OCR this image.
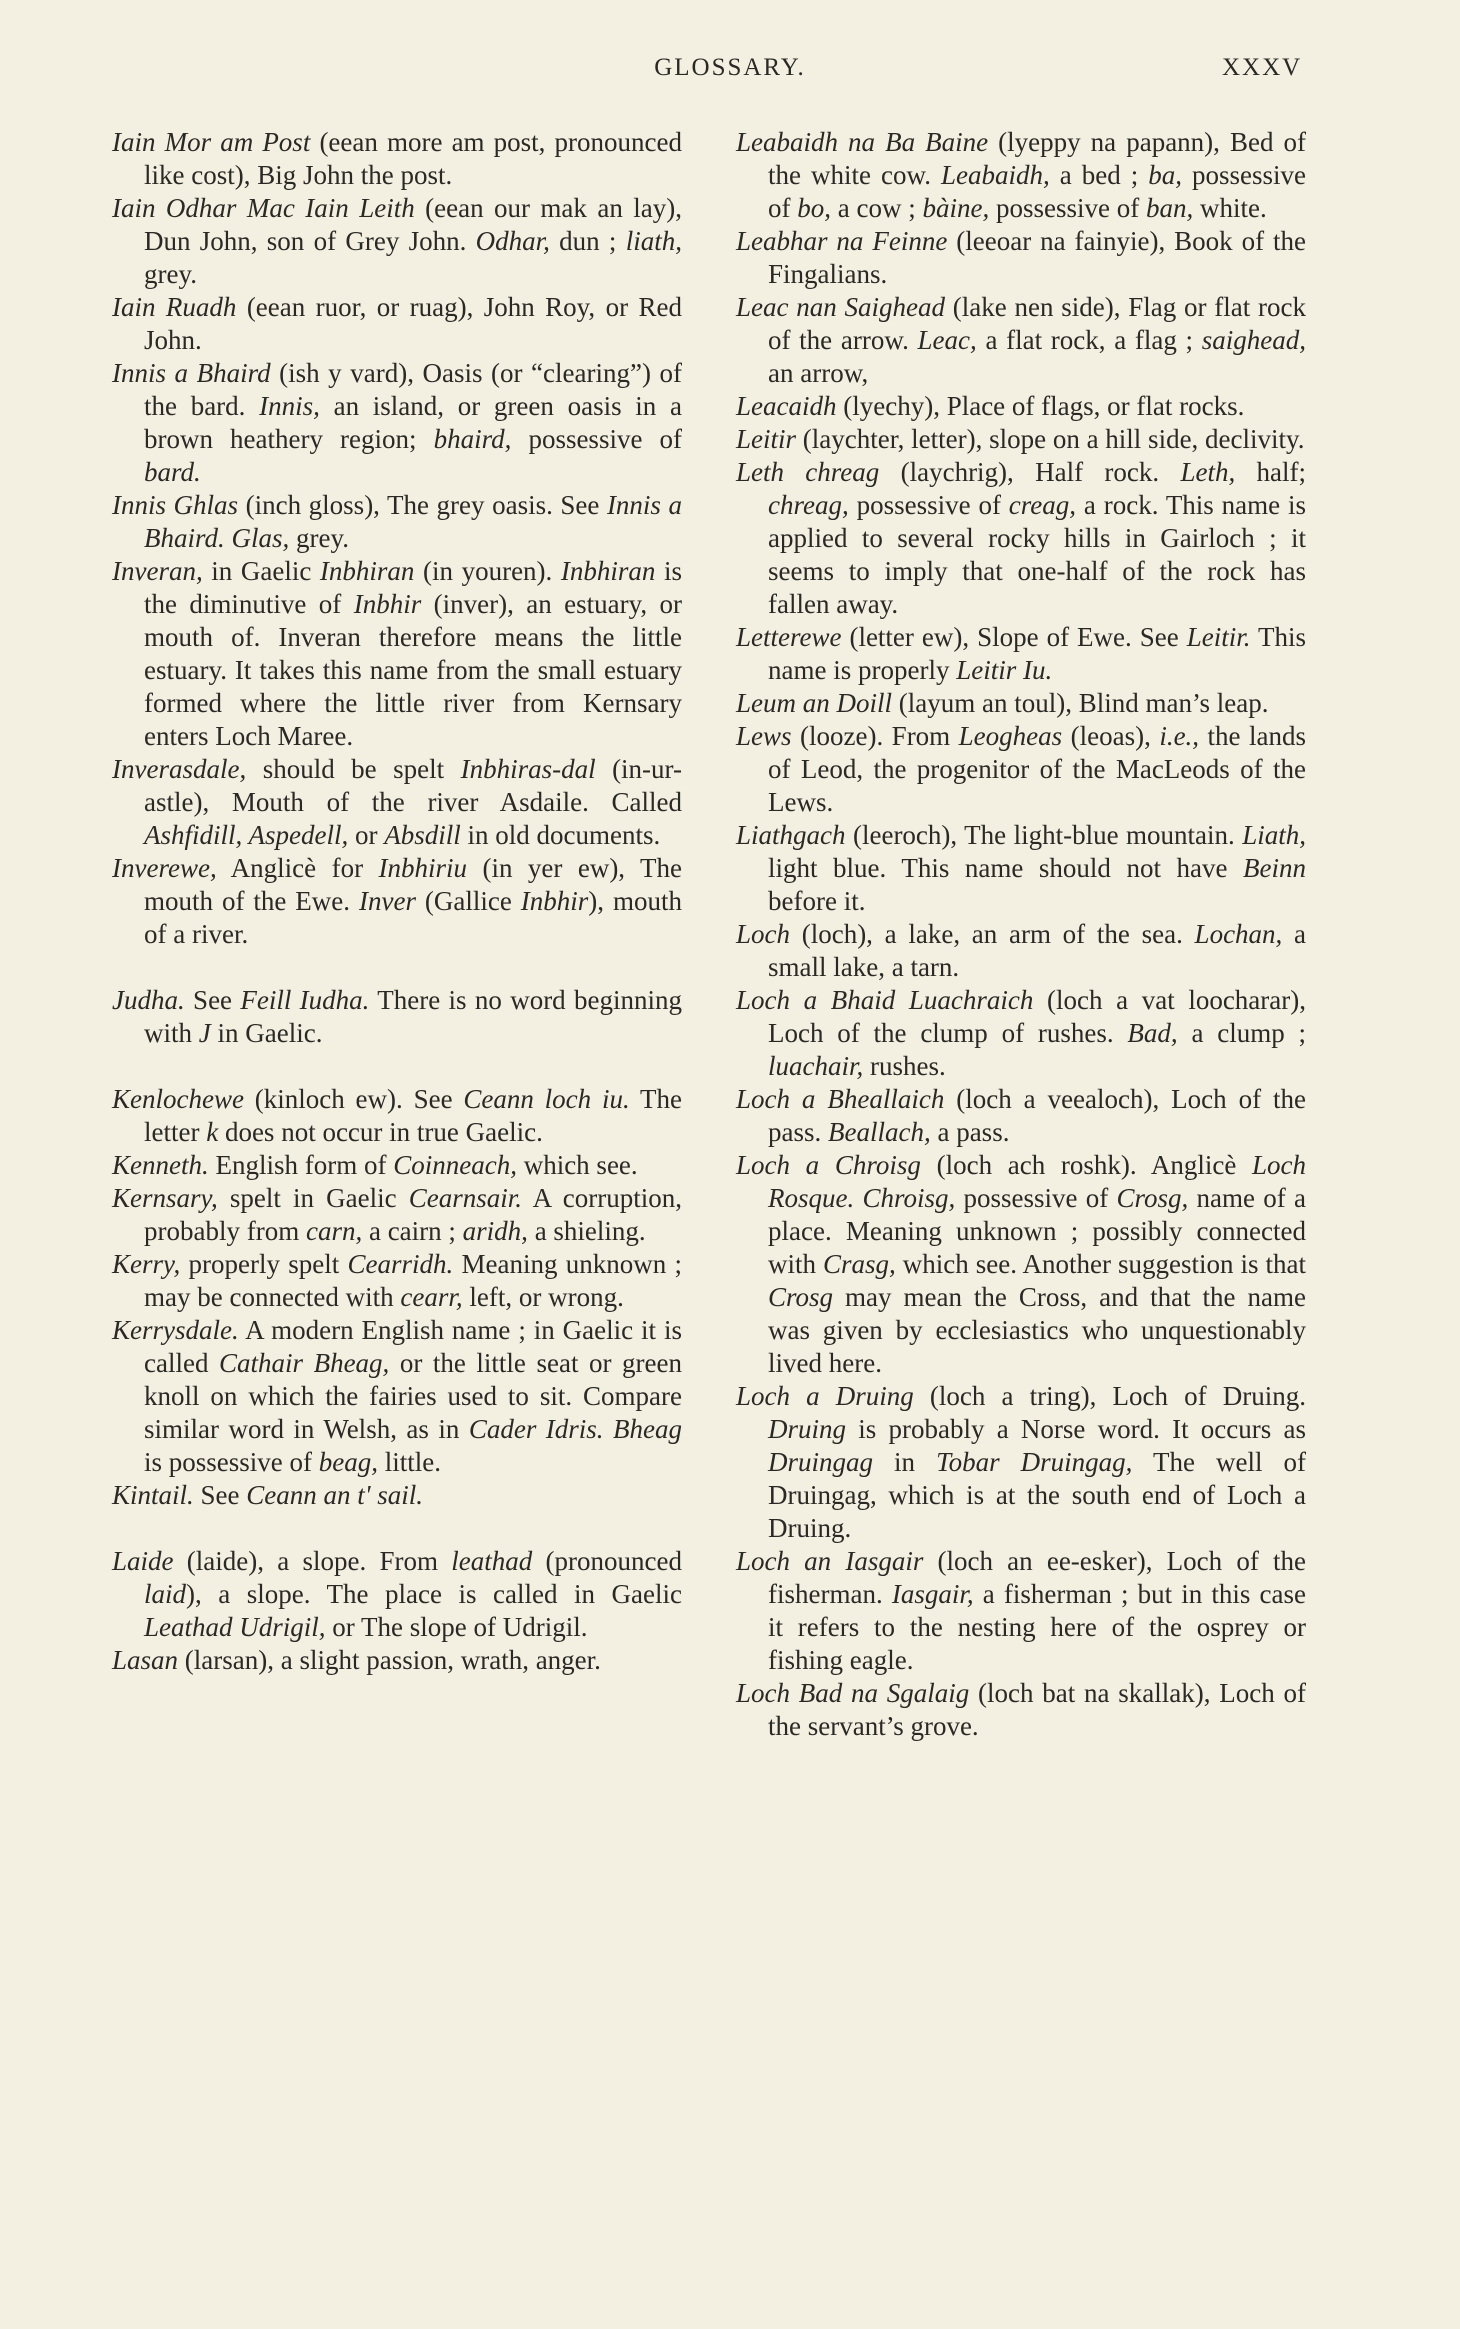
GLOSSARY.	XXXV
Iain Mor am Post (eean more am post, pronounced like cost), Big John the post.
Iain Odhar Mac Iain Leith (eean our mak an lay), Dun John, son of Grey John. Odhar, dun ; liath, grey.
Iain Ruadh (eean ruor, or ruag), John Roy, or Red John.
Innis a Bhaird (ish y vard), Oasis (or “clearing”) of the bard. Innis, an island, or green oasis in a brown heathery region; bhaird, possessive of bard.
Innis Ghlas (inch gloss), The grey oasis. See Innis a Bhaird. Glas, grey.
Inveran, in Gaelic Inbhiran (in youren). Inbhiran is the diminutive of Inbhir (inver), an estuary, or mouth of. Inveran therefore means the little estuary. It takes this name from the small estuary formed where the little river from Kernsary enters Loch Maree.
Inverasdale, should be spelt Inbhiras-dal (in-ur-astle), Mouth of the river Asdaile. Called Ashfidill, Aspedell, or Absdill in old documents.
Inverewe, Anglicè for Inbhiriu (in yer ew), The mouth of the Ewe. Inver (Gallice Inbhir), mouth of a river.
Judha. See Feill Iudha. There is no word beginning with J in Gaelic.
Kenlochewe (kinloch ew). See Ceann loch iu. The letter k does not occur in true Gaelic.
Kenneth. English form of Coinneach, which see.
Kernsary, spelt in Gaelic Cearnsair. A corruption, probably from carn, a cairn ; aridh, a shieling.
Kerry, properly spelt Cearridh. Meaning unknown ; may be connected with cearr, left, or wrong.
Kerrysdale. A modern English name ; in Gaelic it is called Cathair Bheag, or the little seat or green knoll on which the fairies used to sit. Compare similar word in Welsh, as in Cader Idris. Bheag is possessive of beag, little.
Kintail. See Ceann an t' sail.
Laide (laide), a slope. From leathad (pronounced laid), a slope. The place is called in Gaelic Leathad Udrigil, or The slope of Udrigil.
Lasan (larsan), a slight passion, wrath, anger.
Leabaidh na Ba Baine (lyeppy na papann), Bed of the white cow. Leabaidh, a bed ; ba, possessive of bo, a cow ; bàine, possessive of ban, white.
Leabhar na Feinne (leeoar na fainyie), Book of the Fingalians.
Leac nan Saighead (lake nen side), Flag or flat rock of the arrow. Leac, a flat rock, a flag ; saighead, an arrow,
Leacaidh (lyechy), Place of flags, or flat rocks.
Leitir (laychter, letter), slope on a hill side, declivity.
Leth chreag (laychrig), Half rock. Leth, half; chreag, possessive of creag, a rock. This name is applied to several rocky hills in Gairloch ; it seems to imply that one-half of the rock has fallen away.
Letterewe (letter ew), Slope of Ewe. See Leitir. This name is properly Leitir Iu.
Leum an Doill (layum an toul), Blind man’s leap.
Lews (looze). From Leogheas (leoas), i.e., the lands of Leod, the progenitor of the MacLeods of the Lews.
Liathgach (leeroch), The light-blue mountain. Liath, light blue. This name should not have Beinn before it.
Loch (loch), a lake, an arm of the sea. Lochan, a small lake, a tarn.
Loch a Bhaid Luachraich (loch a vat loocharar), Loch of the clump of rushes. Bad, a clump ; luachair, rushes.
Loch a Bheallaich (loch a veealoch), Loch of the pass. Beallach, a pass.
Loch a Chroisg (loch ach roshk). Anglicè Loch Rosque. Chroisg, possessive of Crosg, name of a place. Meaning unknown ; possibly connected with Crasg, which see. Another suggestion is that Crosg may mean the Cross, and that the name was given by ecclesiastics who unquestionably lived here.
Loch a Druing (loch a tring), Loch of Druing. Druing is probably a Norse word. It occurs as Druingag in Tobar Druingag, The well of Druingag, which is at the south end of Loch a Druing.
Loch an Iasgair (loch an ee-esker), Loch of the fisherman. Iasgair, a fisherman ; but in this case it refers to the nesting here of the osprey or fishing eagle.
Loch Bad na Sgalaig (loch bat na skallak), Loch of the servant’s grove.
